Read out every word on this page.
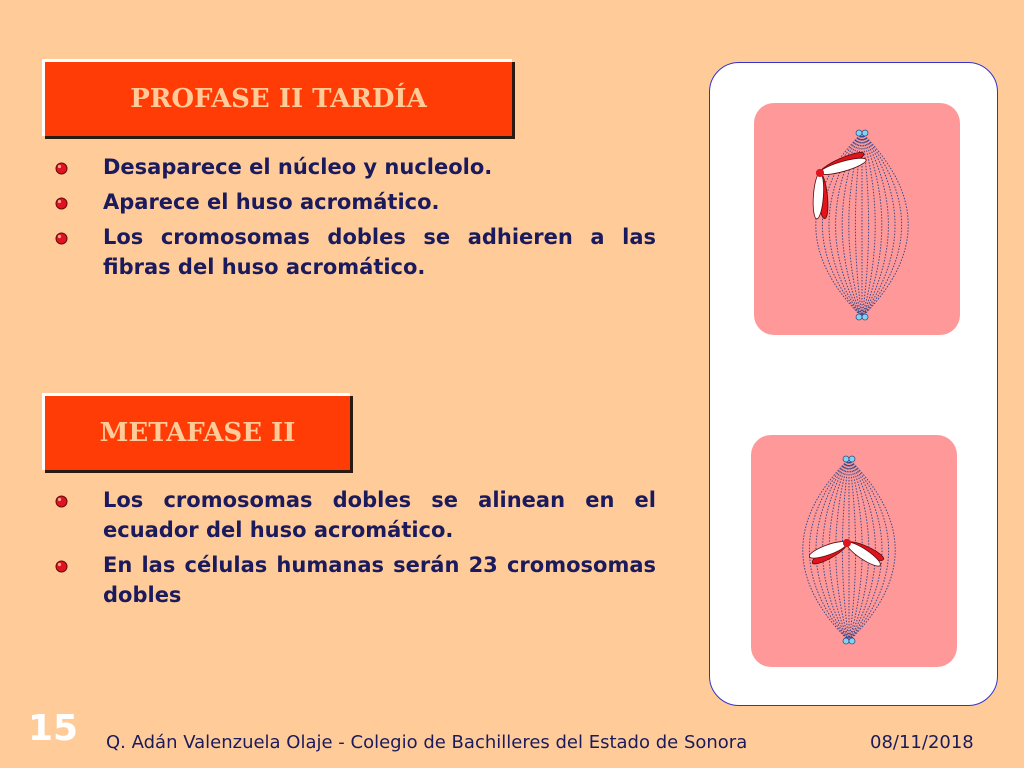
PROFASE II TARDÍA
Desaparece el núcleo y nucleolo.
Aparece el huso acromático.
Los cromosomas dobles se adhieren a las fibras del huso acromático.
METAFASE II
Los cromosomas dobles se alinean en el ecuador del huso acromático.
En las células humanas serán 23 cromosomas dobles
15 Q. Adán Valenzuela Olaje - Colegio de Bachilleres del Estado de Sonora	08/11/2018
